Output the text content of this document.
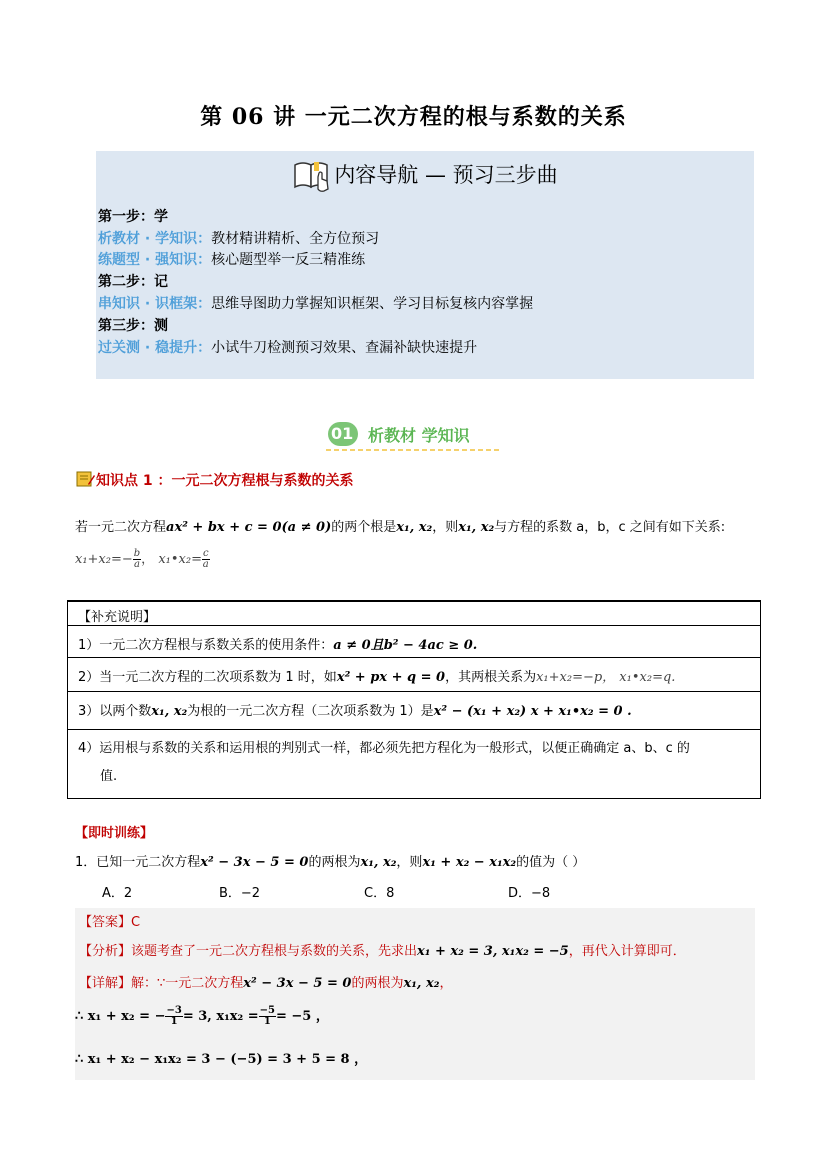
第 06 讲 一元二次方程的根与系数的关系
内容导航 — 预习三步曲
第一步：学
析教材 · 学知识：教材精讲精析、全方位预习
练题型 · 强知识：核心题型举一反三精准练
第二步：记
串知识 · 识框架：思维导图助力掌握知识框架、学习目标复核内容掌握
第三步：测
过关测 · 稳提升：小试牛刀检测预习效果、查漏补缺快速提升
01 析教材 学知识
知识点 1 ：一元二次方程根与系数的关系
若一元二次方程ax² + bx + c = 0(a ≠ 0)的两个根是x₁, x₂，则x₁, x₂与方程的系数 a，b，c 之间有如下关系:
$x_1+x_2=- \frac{b}{a}$ ， x₁•x₂= $\frac{c}{a}$
【补充说明】
1）一元二次方程根与系数关系的使用条件：a ≠ 0且b² − 4ac ≥ 0.
2）当一元二次方程的二次项系数为 1 时，如x² + px + q = 0，其两根关系为x₁+x₂=−p， x₁•x₂=q.
3）以两个数x₁, x₂为根的一元二次方程（二次项系数为 1）是x² − (x₁ + x₂) x + x₁•x₂ = 0 .
4）运用根与系数的关系和运用根的判别式一样，都必须先把方程化为一般形式，以便正确确定 a、b、c 的
值.
【即时训练】
1．已知一元二次方程x² − 3x − 5 = 0的两根为x₁, x₂，则x₁ + x₂ − x₁x₂的值为（ ）
A．2	B．−2	C．8	D．−8
【答案】C
【分析】该题考查了一元二次方程根与系数的关系，先求出x₁ + x₂ = 3, x₁x₂ = −5，再代入计算即可．
【详解】解：∵一元二次方程x² − 3x − 5 = 0的两根为x₁, x₂，
∴ x₁ + x₂ = − $\frac{-3}{1} = 3$, $x_1x_2 = \frac{-5}{1} = -5$ ，
∴ x₁ + x₂ − x₁x₂ = 3 − (−5) = 3 + 5 = 8 ，
